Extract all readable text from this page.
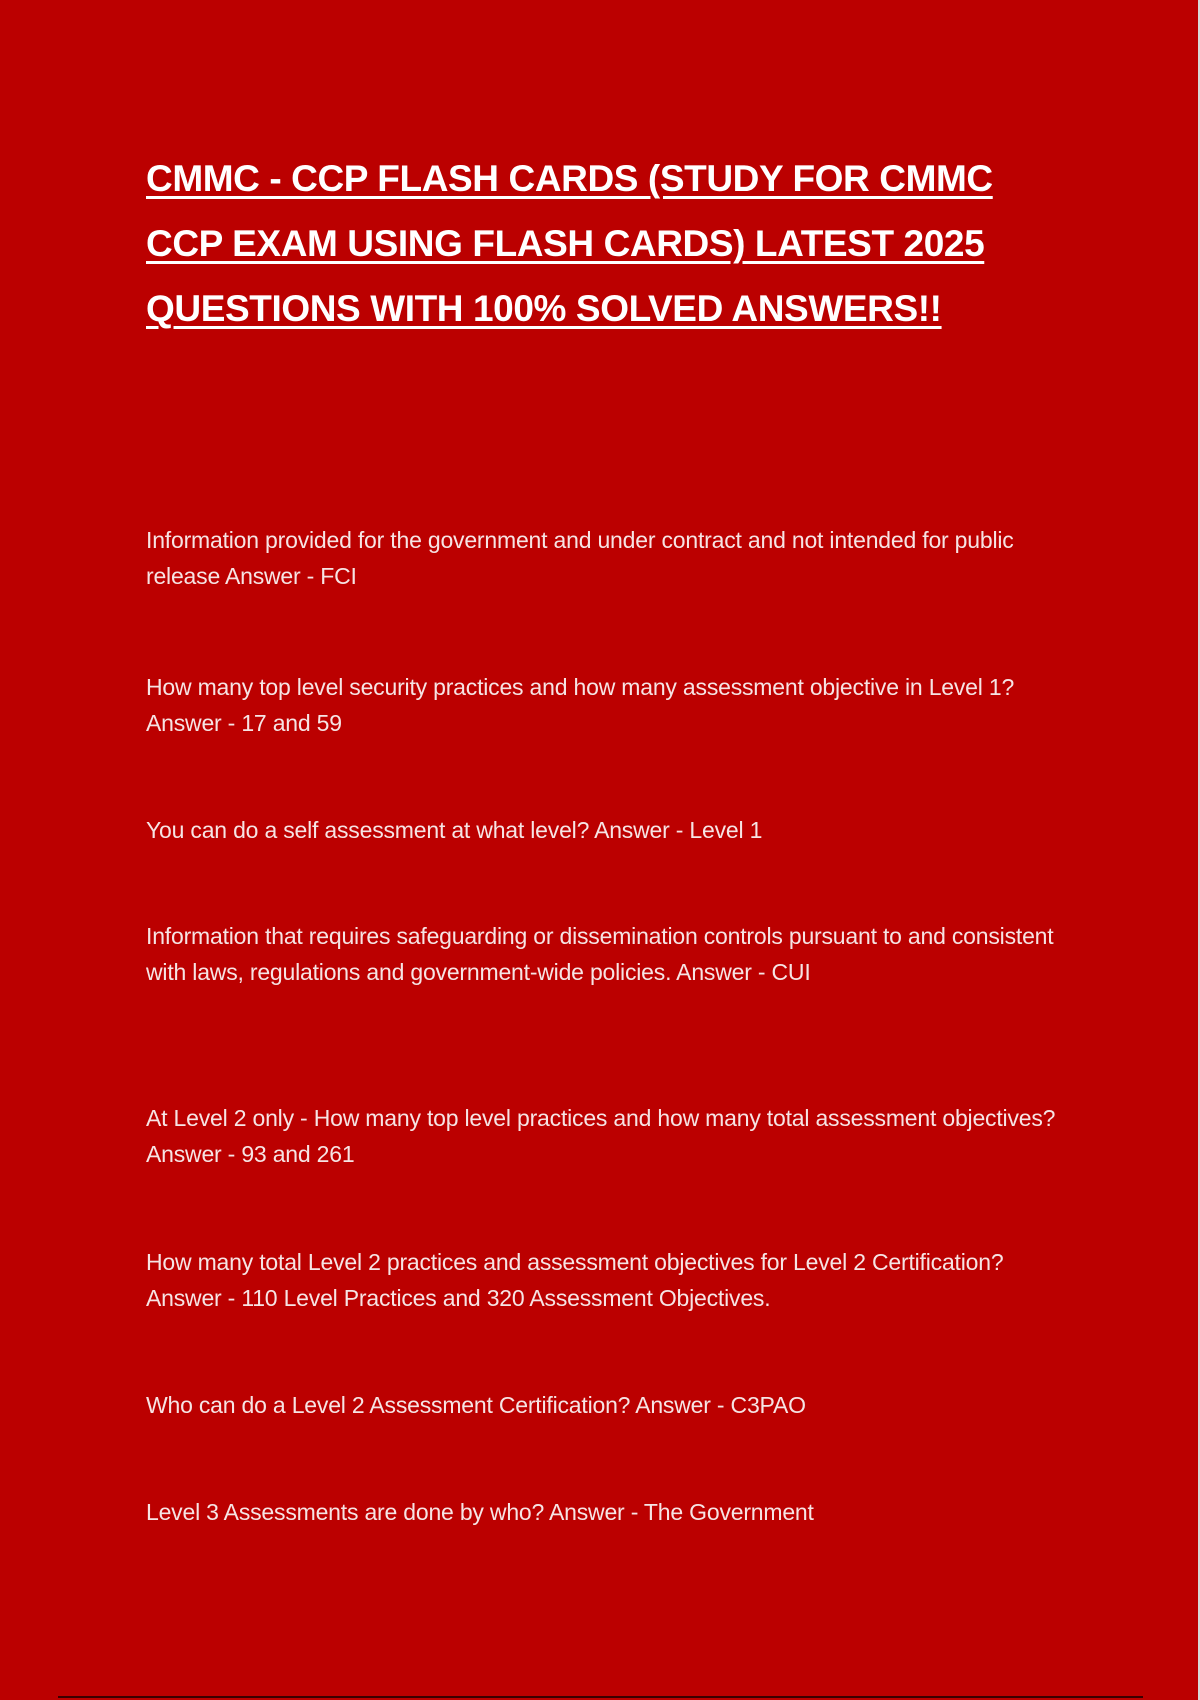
CMMC - CCP FLASH CARDS (STUDY FOR CMMC CCP EXAM USING FLASH CARDS) LATEST 2025 QUESTIONS WITH 100% SOLVED ANSWERS!!

Information provided for the government and under contract and not intended for public release Answer - FCI

How many top level security practices and how many assessment objective in Level 1? Answer - 17 and 59

You can do a self assessment at what level? Answer - Level 1

Information that requires safeguarding or dissemination controls pursuant to and consistent with laws, regulations and government-wide policies. Answer - CUI

At Level 2 only - How many top level practices and how many total assessment objectives? Answer - 93 and 261

How many total Level 2 practices and assessment objectives for Level 2 Certification? Answer - 110 Level Practices and 320 Assessment Objectives.

Who can do a Level 2 Assessment Certification? Answer - C3PAO

Level 3 Assessments are done by who? Answer - The Government
